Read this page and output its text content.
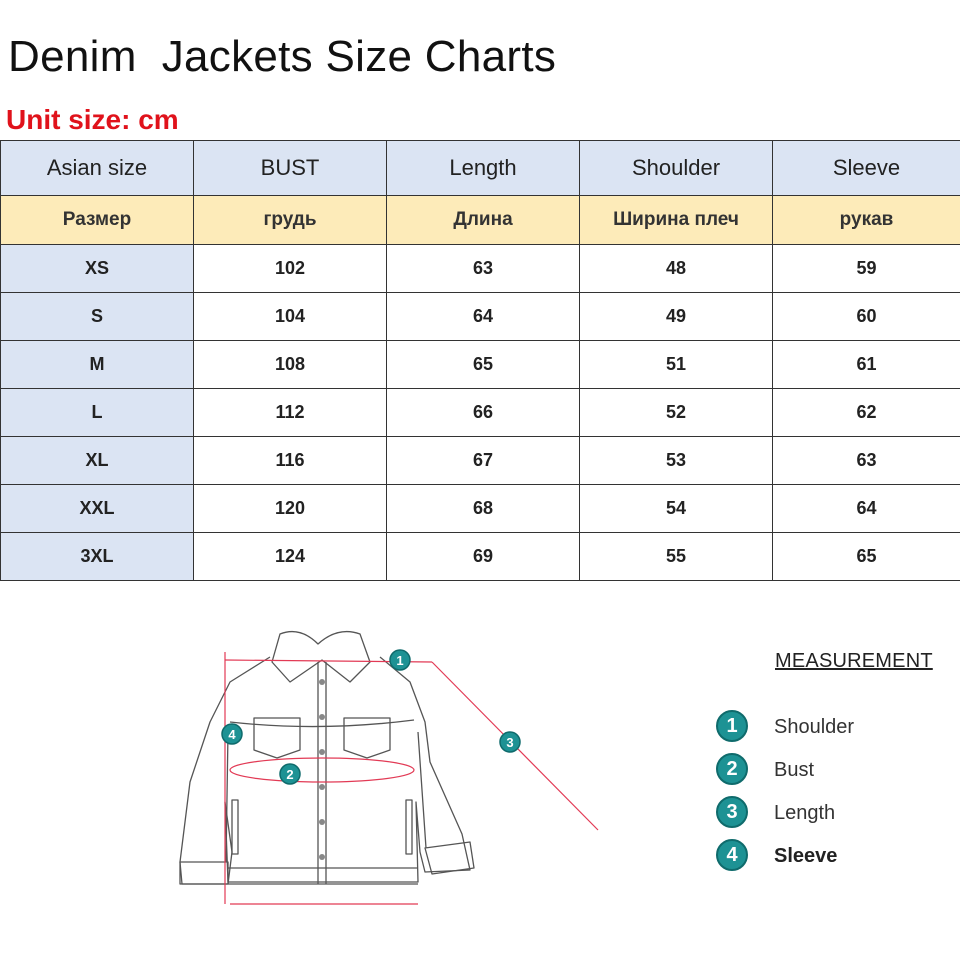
Denim  Jackets Size Charts
Unit size: cm
Asian size	BUST	Length	Shoulder	Sleeve
Размер	грудь	Длина	Ширина плеч	рукав
XS	102	63	48	59
S	104	64	49	60
M	108	65	51	61
L	112	66	52	62
XL	116	67	53	63
XXL	120	68	54	64
3XL	124	69	55	65
1
2
3
4
MEASUREMENT
1	Shoulder
2	Bust
3	Length
4	Sleeve
